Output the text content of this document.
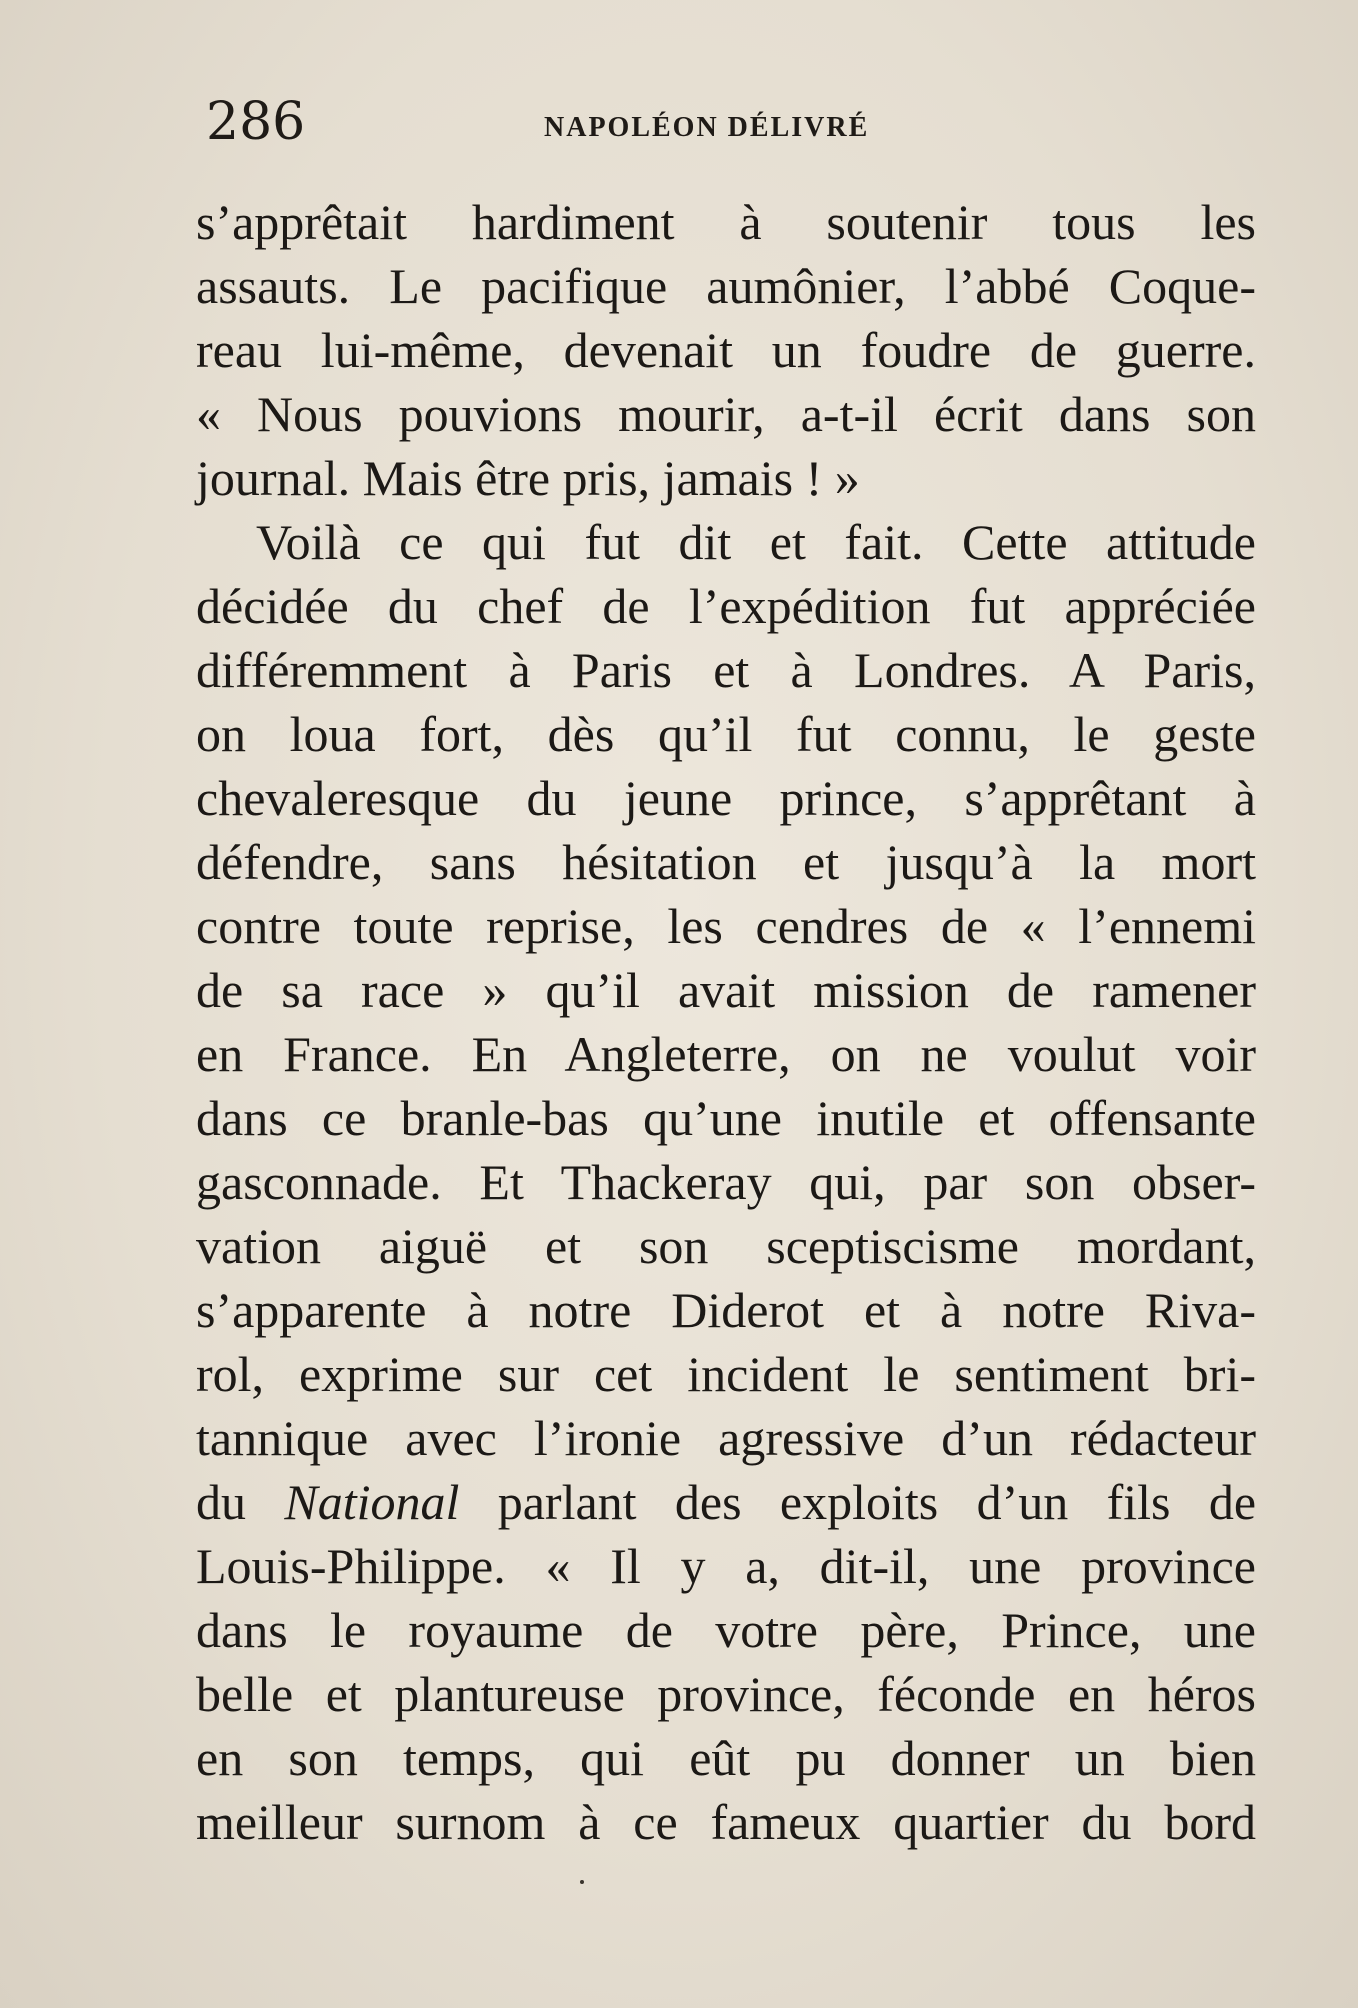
286	NAPOLÉON DÉLIVRÉ
s’apprêtait hardiment à soutenir tous les
assauts. Le pacifique aumônier, l’abbé Coque-
reau lui-même, devenait un foudre de guerre.
« Nous pouvions mourir, a-t-il écrit dans son
journal. Mais être pris, jamais ! »
Voilà ce qui fut dit et fait. Cette attitude
décidée du chef de l’expédition fut appréciée
différemment à Paris et à Londres. A Paris,
on loua fort, dès qu’il fut connu, le geste
chevaleresque du jeune prince, s’apprêtant à
défendre, sans hésitation et jusqu’à la mort
contre toute reprise, les cendres de « l’ennemi
de sa race » qu’il avait mission de ramener
en France. En Angleterre, on ne voulut voir
dans ce branle-bas qu’une inutile et offensante
gasconnade. Et Thackeray qui, par son obser-
vation aiguë et son sceptiscisme mordant,
s’apparente à notre Diderot et à notre Riva-
rol, exprime sur cet incident le sentiment bri-
tannique avec l’ironie agressive d’un rédacteur
du National parlant des exploits d’un fils de
Louis-Philippe. « Il y a, dit-il, une province
dans le royaume de votre père, Prince, une
belle et plantureuse province, féconde en héros
en son temps, qui eût pu donner un bien
meilleur surnom à ce fameux quartier du bord
